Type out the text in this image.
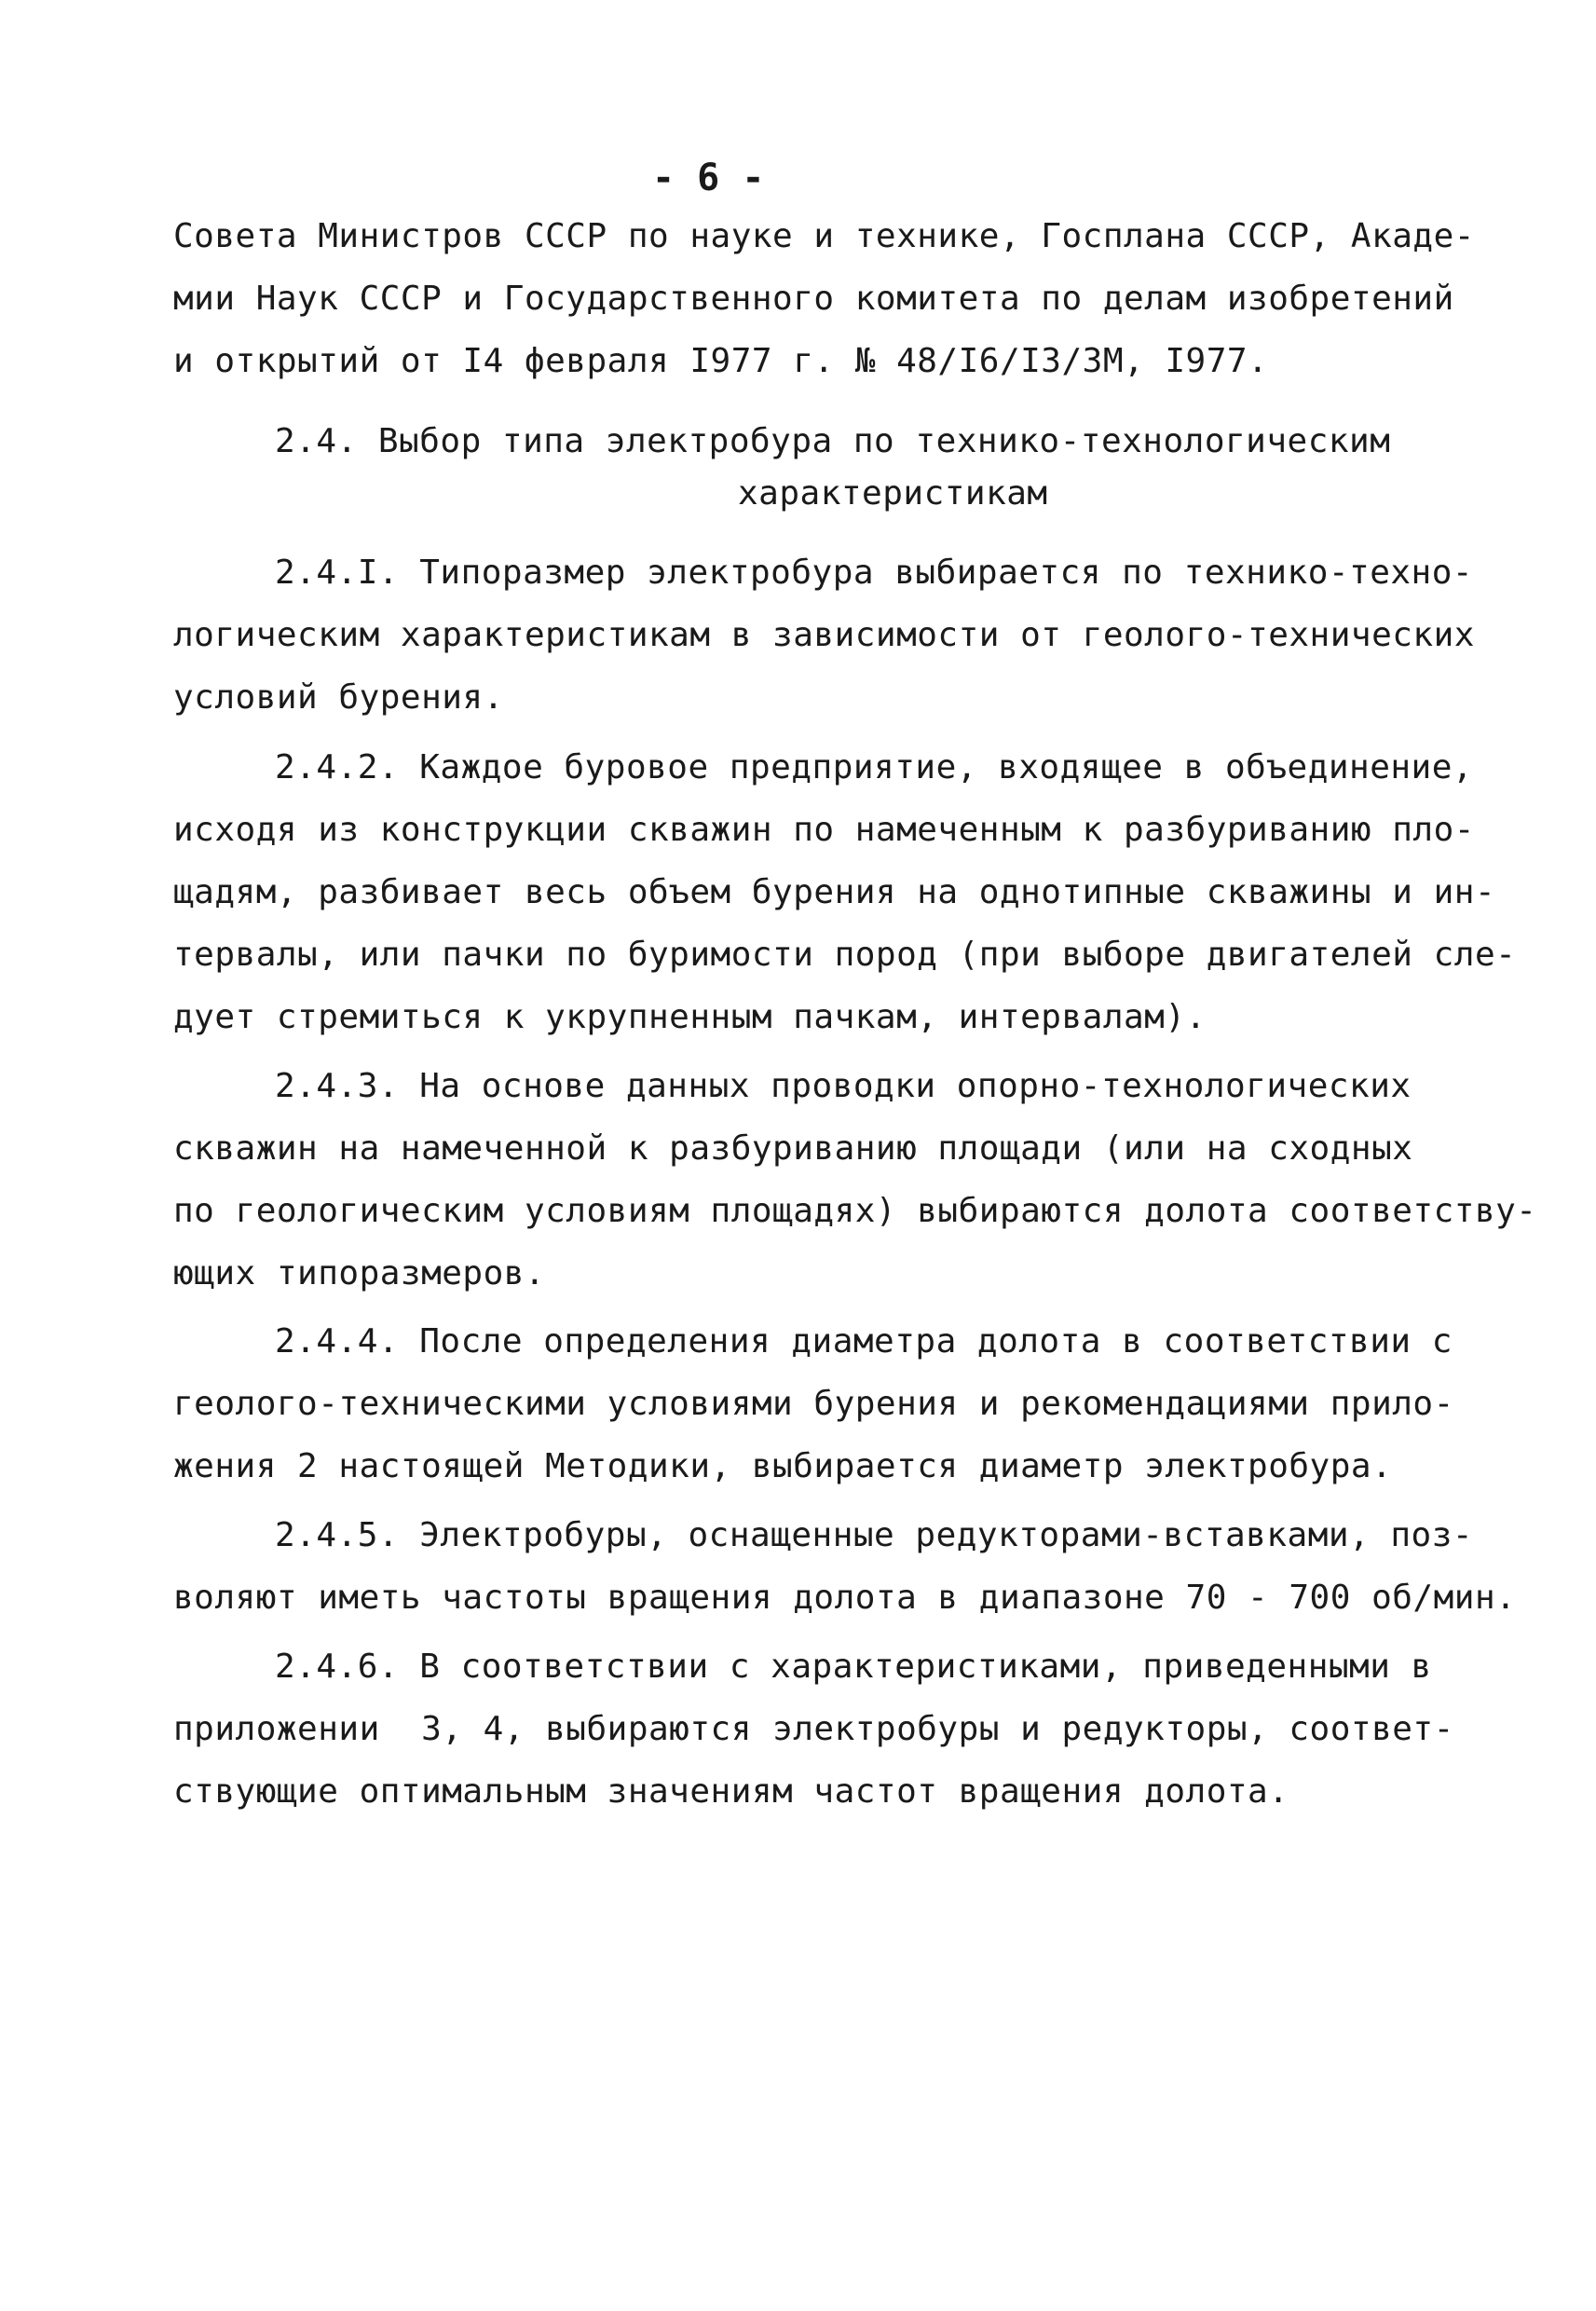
- 6 -
Совета Министров СССР по науке и технике, Госплана СССР, Акаде-
мии Наук СССР и Государственного комитета по делам изобретений
и открытий от I4 февраля I977 г. № 48/I6/I3/3М, I977.
2.4. Выбор типа электробура по технико-технологическим
характеристикам
2.4.I. Типоразмер электробура выбирается по технико-техно-
логическим характеристикам в зависимости от геолого-технических
условий бурения.
2.4.2. Каждое буровое предприятие, входящее в объединение,
исходя из конструкции скважин по намеченным к разбуриванию пло-
щадям, разбивает весь объем бурения на однотипные скважины и ин-
тервалы, или пачки по буримости пород (при выборе двигателей сле-
дует стремиться к укрупненным пачкам, интервалам).
2.4.3. На основе данных проводки опорно-технологических
скважин на намеченной к разбуриванию площади (или на сходных
по геологическим условиям площадях) выбираются долота соответству-
ющих типоразмеров.
2.4.4. После определения диаметра долота в соответствии с
геолого-техническими условиями бурения и рекомендациями прило-
жения 2 настоящей Методики, выбирается диаметр электробура.
2.4.5. Электробуры, оснащенные редукторами-вставками, поз-
воляют иметь частоты вращения долота в диапазоне 70 - 700 об/мин.
2.4.6. В соответствии с характеристиками, приведенными в
приложении  3, 4, выбираются электробуры и редукторы, соответ-
ствующие оптимальным значениям частот вращения долота.
